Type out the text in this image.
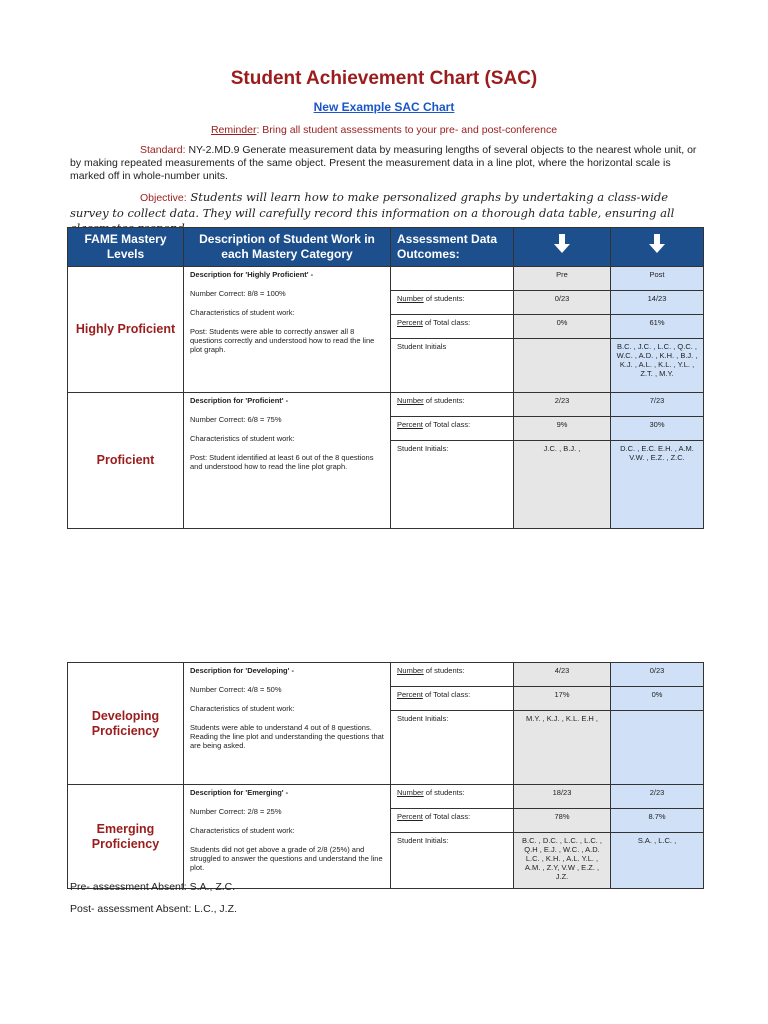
Student Achievement Chart (SAC)
New Example SAC Chart
Reminder: Bring all student assessments to your pre- and post-conference
Standard: NY-2.MD.9 Generate measurement data by measuring lengths of several objects to the nearest whole unit, or by making repeated measurements of the same object. Present the measurement data in a line plot, where the horizontal scale is marked off in whole-number units.
Objective: Students will learn how to make personalized graphs by undertaking a class-wide survey to collect data. They will carefully record this information on a thorough data table, ensuring all
FAME Mastery Levels	Description of Student Work in each Mastery Category	Assessment Data Outcomes:		
Highly Proficient	Description for 'Highly Proficient' -

Number Correct: 8/8 = 100%

Characteristics of student work:

Post: Students were able to correctly answer all 8 questions correctly and understood how to read the line plot graph.		Pre	Post
		Number of students:	0/23	14/23
		Percent of Total class:	0%	61%
		Student Initials		B.C. , J.C. , L.C. , Q.C. , W.C. , A.D. , K.H. , B.J. , K.J. , A.L. , K.L. , Y.L. , Z.T. , M.Y.
Proficient	Description for 'Proficient' -

Number Correct: 6/8 = 75%

Characteristics of student work:

Post: Student identified at least 6 out of the 8 questions and understood how to read the line plot graph.	Number of students:	2/23	7/23
		Percent of Total class:	9%	30%
		Student Initials:	J.C. , B.J. ,	D.C. , E.C. E.H. , A.M. V.W. , E.Z. , Z.C.
Developing Proficiency	Description for 'Developing' -

Number Correct: 4/8 = 50%

Characteristics of student work:

Students were able to understand 4 out of 8 questions. Reading the line plot and understanding the questions that are being asked.	Number of students:	4/23	0/23
		Percent of Total class:	17%	0%
		Student Initials:	M.Y. , K.J. , K.L. E.H ,	
Emerging Proficiency	Description for 'Emerging' -

Number Correct: 2/8 = 25%

Characteristics of student work:

Students did not get above a grade of 2/8 (25%) and struggled to answer the questions and understand the line plot.	Number of students:	18/23	2/23
		Percent of Total class:	78%	8.7%
		Student Initials:	B.C. , D.C. , L.C. , L.C. , Q.H , E.J. , W.C. , A.D. L.C. , K.H. , A.L. Y.L. , A.M. , Z.Y, V.W , E.Z. , J.Z.	S.A. , L.C. ,
Pre- assessment Absent: S.A., Z.C.
Post- assessment Absent: L.C., J.Z.
